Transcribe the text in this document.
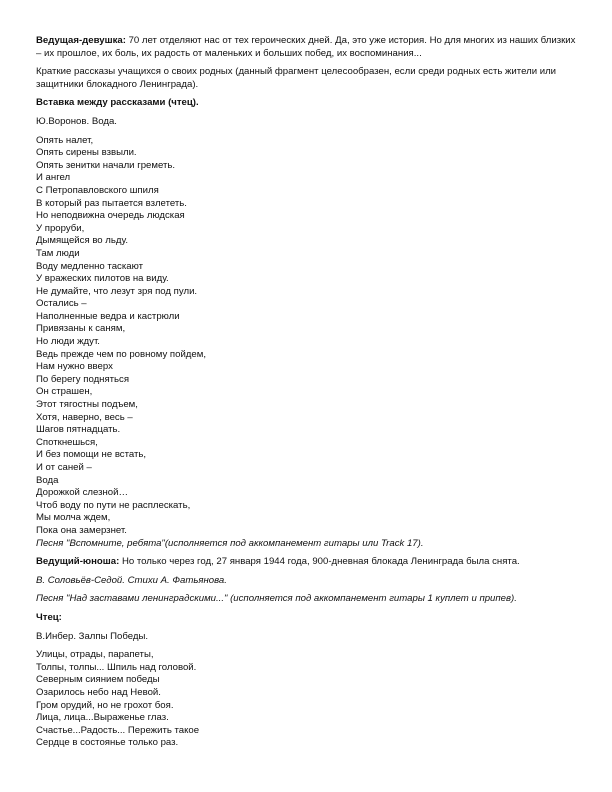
Ведущая-девушка: 70 лет отделяют нас от тех героических дней. Да, это уже история. Но для многих из наших близких – их прошлое, их боль, их радость от маленьких и больших побед, их воспоминания...

Краткие рассказы учащихся о своих родных (данный фрагмент целесообразен, если среди родных есть жители или защитники блокадного Ленинграда).

Вставка между рассказами (чтец).

Ю.Воронов. Вода.

Опять налет,
Опять сирены взвыли.
Опять зенитки начали греметь.
И ангел
С Петропавловского шпиля
В который раз пытается взлететь.
Но неподвижна очередь людская
У проруби,
Дымящейся во льду.
Там люди
Воду медленно таскают
У вражеских пилотов на виду.
Не думайте, что лезут зря под пули.
Остались –
Наполненные ведра и кастрюли
Привязаны к саням,
Но люди ждут.
Ведь прежде чем по ровному пойдем,
Нам нужно вверх
По берегу подняться
Он страшен,
Этот тягостны подъем,
Хотя, наверно, весь –
Шагов пятнадцать.
Споткнешься,
И без помощи не встать,
И от саней –
Вода
Дорожкой слезной…
Чтоб воду по пути не расплескать,
Мы молча ждем,
Пока она замерзнет.

Песня "Вспомните, ребята"(исполняется под аккомпанемент гитары или Track 17).

Ведущий-юноша: Но только через год, 27 января 1944 года, 900-дневная блокада Ленинграда была снята.

В. Соловьёв-Седой. Стихи А. Фатьянова.

Песня "Над заставами ленинградскими..." (исполняется под аккомпанемент гитары 1 куплет и припев).

Чтец:

В.Инбер. Залпы Победы.

Улицы, отрады, парапеты,
Толпы, толпы... Шпиль над головой.
Северным сиянием победы
Озарилось небо над Невой.
Гром орудий, но не грохот боя.
Лица, лица...Выраженье глаз.
Счастье...Радость... Пережить такое
Сердце в состоянье только раз.
